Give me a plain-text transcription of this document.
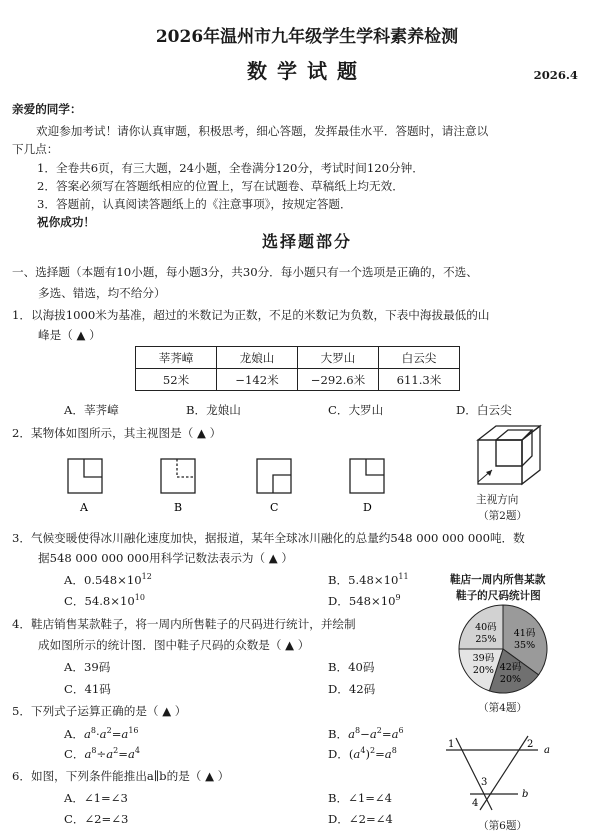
2026年温州市九年级学生学科素养检测
数学试题	2026.4
亲爱的同学：
欢迎参加考试！请你认真审题，积极思考，细心答题，发挥最佳水平．答题时，请注意以
下几点：
1．全卷共6页，有三大题，24小题，全卷满分120分，考试时间120分钟．
2．答案必须写在答题纸相应的位置上，写在试题卷、草稿纸上均无效．
3．答题前，认真阅读答题纸上的《注意事项》，按规定答题．
祝你成功！
选择题部分
一、选择题（本题有10小题，每小题3分，共30分．每小题只有一个选项是正确的，不选、
多选、错选，均不给分）
1．以海拔1000米为基准，超过的米数记为正数，不足的米数记为负数，下表中海拔最低的山
峰是（ ▲ ）
莘荠嶂	龙娘山	大罗山	白云尖
52米	−142米	−292.6米	611.3米
A．莘荠嶂	B．龙娘山	C．大罗山	D．白云尖
2．某物体如图所示，其主视图是（ ▲ ）
A	B	C	D
主视方向
（第2题）
3．气候变暖使得冰川融化速度加快，据报道，某年全球冰川融化的总量约548 000 000 000吨．数
据548 000 000 000用科学记数法表示为（ ▲ ）
A．$0.548\times 10^{12}$	B．$5.48\times 10^{11}$
C．$54.8\times 10^{10}$	D．$548\times 10^9$
4．鞋店销售某款鞋子，将一周内所售鞋子的尺码进行统计，并绘制
成如图所示的统计图．图中鞋子尺码的众数是（ ▲ ）
A．39码	B．40码
C．41码	D．42码
鞋店一周内所售某款
鞋子的尺码统计图
41码
35%
42码
20%
39码
20%
40码
25%
（第4题）
5．下列式子运算正确的是（ ▲ ）
A．$a^8\cdot a^2=a^{16}$	B．$a^8-a^2=a^6$
C．$a^8\div a^2=a^4$	D．$(a^4)^2=a^8$
6．如图，下列条件能推出a∥b的是（ ▲ ）
A．∠1=∠3	B．∠1=∠4
C．∠2=∠3	D．∠2=∠4
1	2
3
4
a
b
（第6题）
